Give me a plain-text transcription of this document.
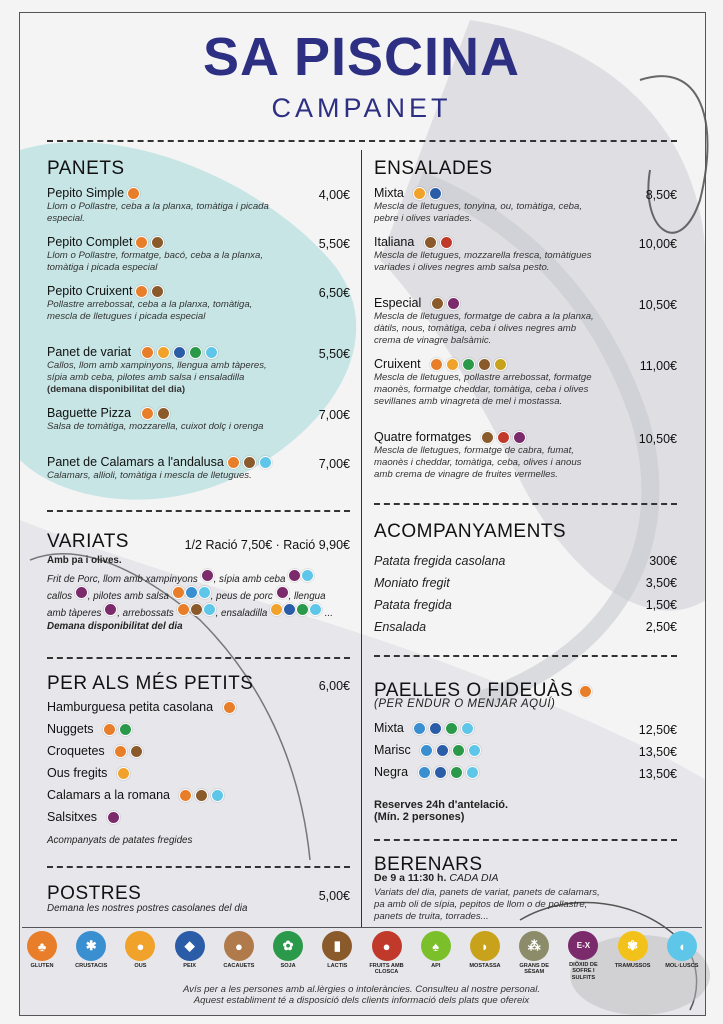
SA PISCINA
CAMPANET
PANETS
Pepito Simple
Llom o Pollastre, ceba a la planxa, tomàtiga i picada especial.
4,00€
Pepito Complet
Llom o Pollastre, formatge, bacó, ceba a la planxa, tomàtiga i picada especial
5,50€
Pepito Cruixent
Pollastre arrebossat, ceba a la planxa, tomàtiga, mescla de lletugues i picada especial
6,50€
Panet de variat

Callos, llom amb xampinyons, llengua amb tàperes, sípia amb ceba, pilotes amb salsa i ensaladilla (demana disponibilitat del dia)
5,50€
Baguette Pizza

Salsa de tomàtiga, mozzarella, cuixot dolç i orenga
7,00€
Panet de Calamars a l'andalusa
Calamars, allioli, tomàtiga i mescla de lletugues.
7,00€
VARIATS	1/2 Ració 7,50€ · Ració 9,90€
Amb pa i olives.
Frit de Porc, llom amb xampinyons , sípia amb ceba
callos , pilotes amb salsa	, peus de porc , llengua
amb tàperes , arrebossats	, ensaladilla	...
Demana disponibilitat del dia
PER ALS MÉS PETITS	6,00€
Hamburguesa petita casolana

Nuggets

Croquetes

Ous fregits

Calamars a la romana

Salsitxes

Acompanyats de patates fregides
POSTRES	5,00€
Demana les nostres postres casolanes del dia
ENSALADES
Mixta

Mescla de lletugues, tonyina, ou, tomàtiga, ceba, pebre i olives variades.
8,50€
Italiana

Mescla de lletugues, mozzarella fresca, tomàtigues variades i olives negres amb salsa pesto.
10,00€
Especial

Mescla de lletugues, formatge de cabra a la planxa, dàtils, nous, tomàtiga, ceba i olives negres amb crema de vinagre balsàmic.
10,50€
Cruixent

Mescla de lletugues, pollastre arrebossat, formatge maonès, formatge cheddar, tomàtiga, ceba i olives sevillanes amb vinagreta de mel i mostassa.
11,00€
Quatre formatges

Mescla de lletugues, formatge de cabra, fumat, maonès i cheddar, tomàtiga, ceba, olives i anous amb crema de vinagre de fruites vermelles.
10,50€
ACOMPANYAMENTS
Patata fregida casolana	300€
Moniato fregit	3,50€
Patata fregida	1,50€
Ensalada	2,50€
PAELLES O FIDEUÀS
(PER ENDUR O MENJAR AQUÍ)
Mixta
	12,50€
Marisc
	13,50€
Negra
	13,50€
Reserves 24h d'antelació.
(Mín. 2 persones)
BERENARS
De 9 a 11:30 h. CADA DIA
Variats del dia, panets de variat, panets de calamars, pa amb oli de sípia, pepitos de llom o de pollastre, panets de truita, torrades...
♣
GLUTEN
✱
CRUSTACIS
●
OUS
◆
PEIX
●
CACAUETS
✿
SOJA
▮
LACTIS
●
FRUITS AMB CLOSCA
♠
API
◗
MOSTASSA
⁂
GRANS DE SÈSAM
E-X
DIÒXID DE SOFRE I SULFITS
✾
TRAMUSSOS
◖
MOL·LUSCS
Avís per a les persones amb al.lèrgies o intoleràncies. Consulteu al nostre personal.
Aquest establiment té a disposició dels clients informació dels plats que ofereix
